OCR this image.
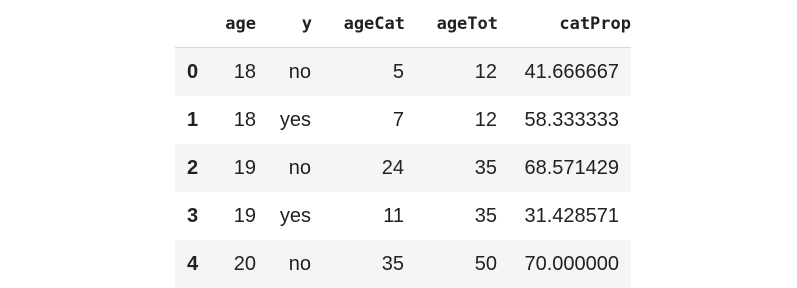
	age	y	ageCat	ageTot	catProp
0	18	no	5	12	41.666667
1	18	yes	7	12	58.333333
2	19	no	24	35	68.571429
3	19	yes	11	35	31.428571
4	20	no	35	50	70.000000
